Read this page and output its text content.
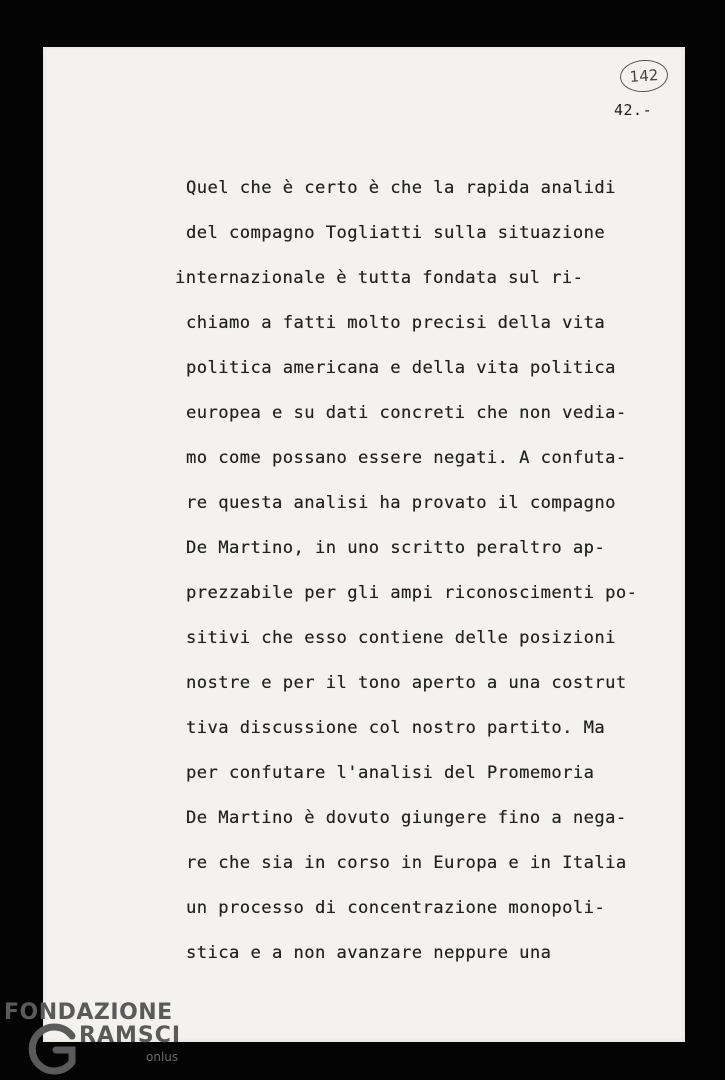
142
42.-
Quel che è certo è che la rapida analidi
del compagno Togliatti sulla situazione
internazionale è tutta fondata sul ri-
chiamo a fatti molto precisi della vita
politica americana e della vita politica
europea e su dati concreti che non vedia-
mo come possano essere negati. A confuta-
re questa analisi ha provato il compagno
De Martino, in uno scritto peraltro ap-
prezzabile per gli ampi riconoscimenti po-
sitivi che esso contiene delle posizioni
nostre e per il tono aperto a una costrut
tiva discussione col nostro partito. Ma
per confutare l'analisi del Promemoria
De Martino è dovuto giungere fino a nega-
re che sia in corso in Europa e in Italia
un processo di concentrazione monopoli-
stica e a non avanzare neppure una
FONDAZIONE
RAMSCI
onlus
